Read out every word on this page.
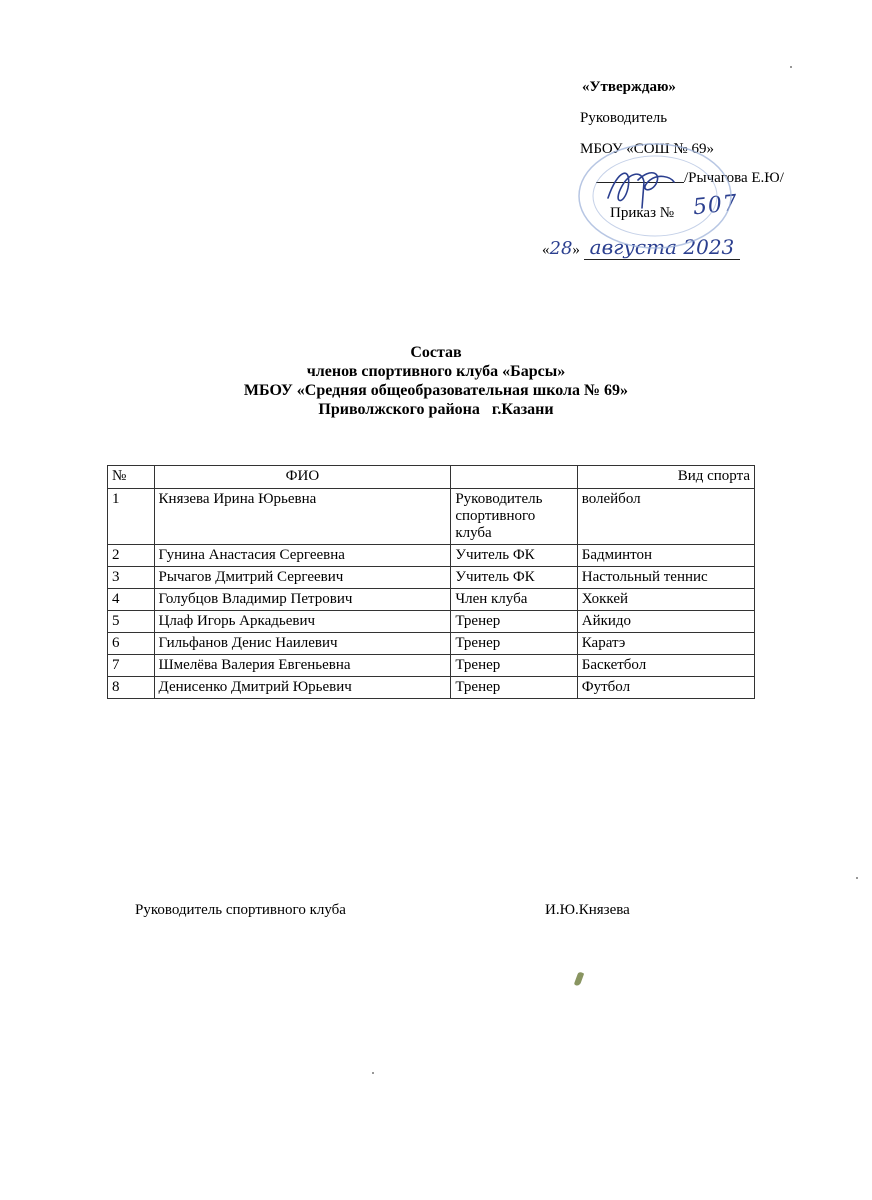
«Утверждаю»
Руководитель
МБОУ «СОШ № 69»
/Рычагова Е.Ю/
Приказ № 507
«28» августа 2023
Состав
членов спортивного клуба «Барсы»
МБОУ «Средняя общеобразовательная школа № 69»
Приволжского района   г.Казани
№	ФИО		Вид спорта
1	Князева Ирина Юрьевна	Руководитель спортивного клуба	волейбол
2	Гунина Анастасия Сергеевна	Учитель ФК	Бадминтон
3	Рычагов Дмитрий Сергеевич	Учитель ФК	Настольный теннис
4	Голубцов Владимир Петрович	Член клуба	Хоккей
5	Цлаф Игорь Аркадьевич	Тренер	Айкидо
6	Гильфанов Денис Наилевич	Тренер	Каратэ
7	Шмелёва Валерия Евгеньевна	Тренер	Баскетбол
8	Денисенко Дмитрий Юрьевич	Тренер	Футбол
Руководитель спортивного клуба	И.Ю.Князева
